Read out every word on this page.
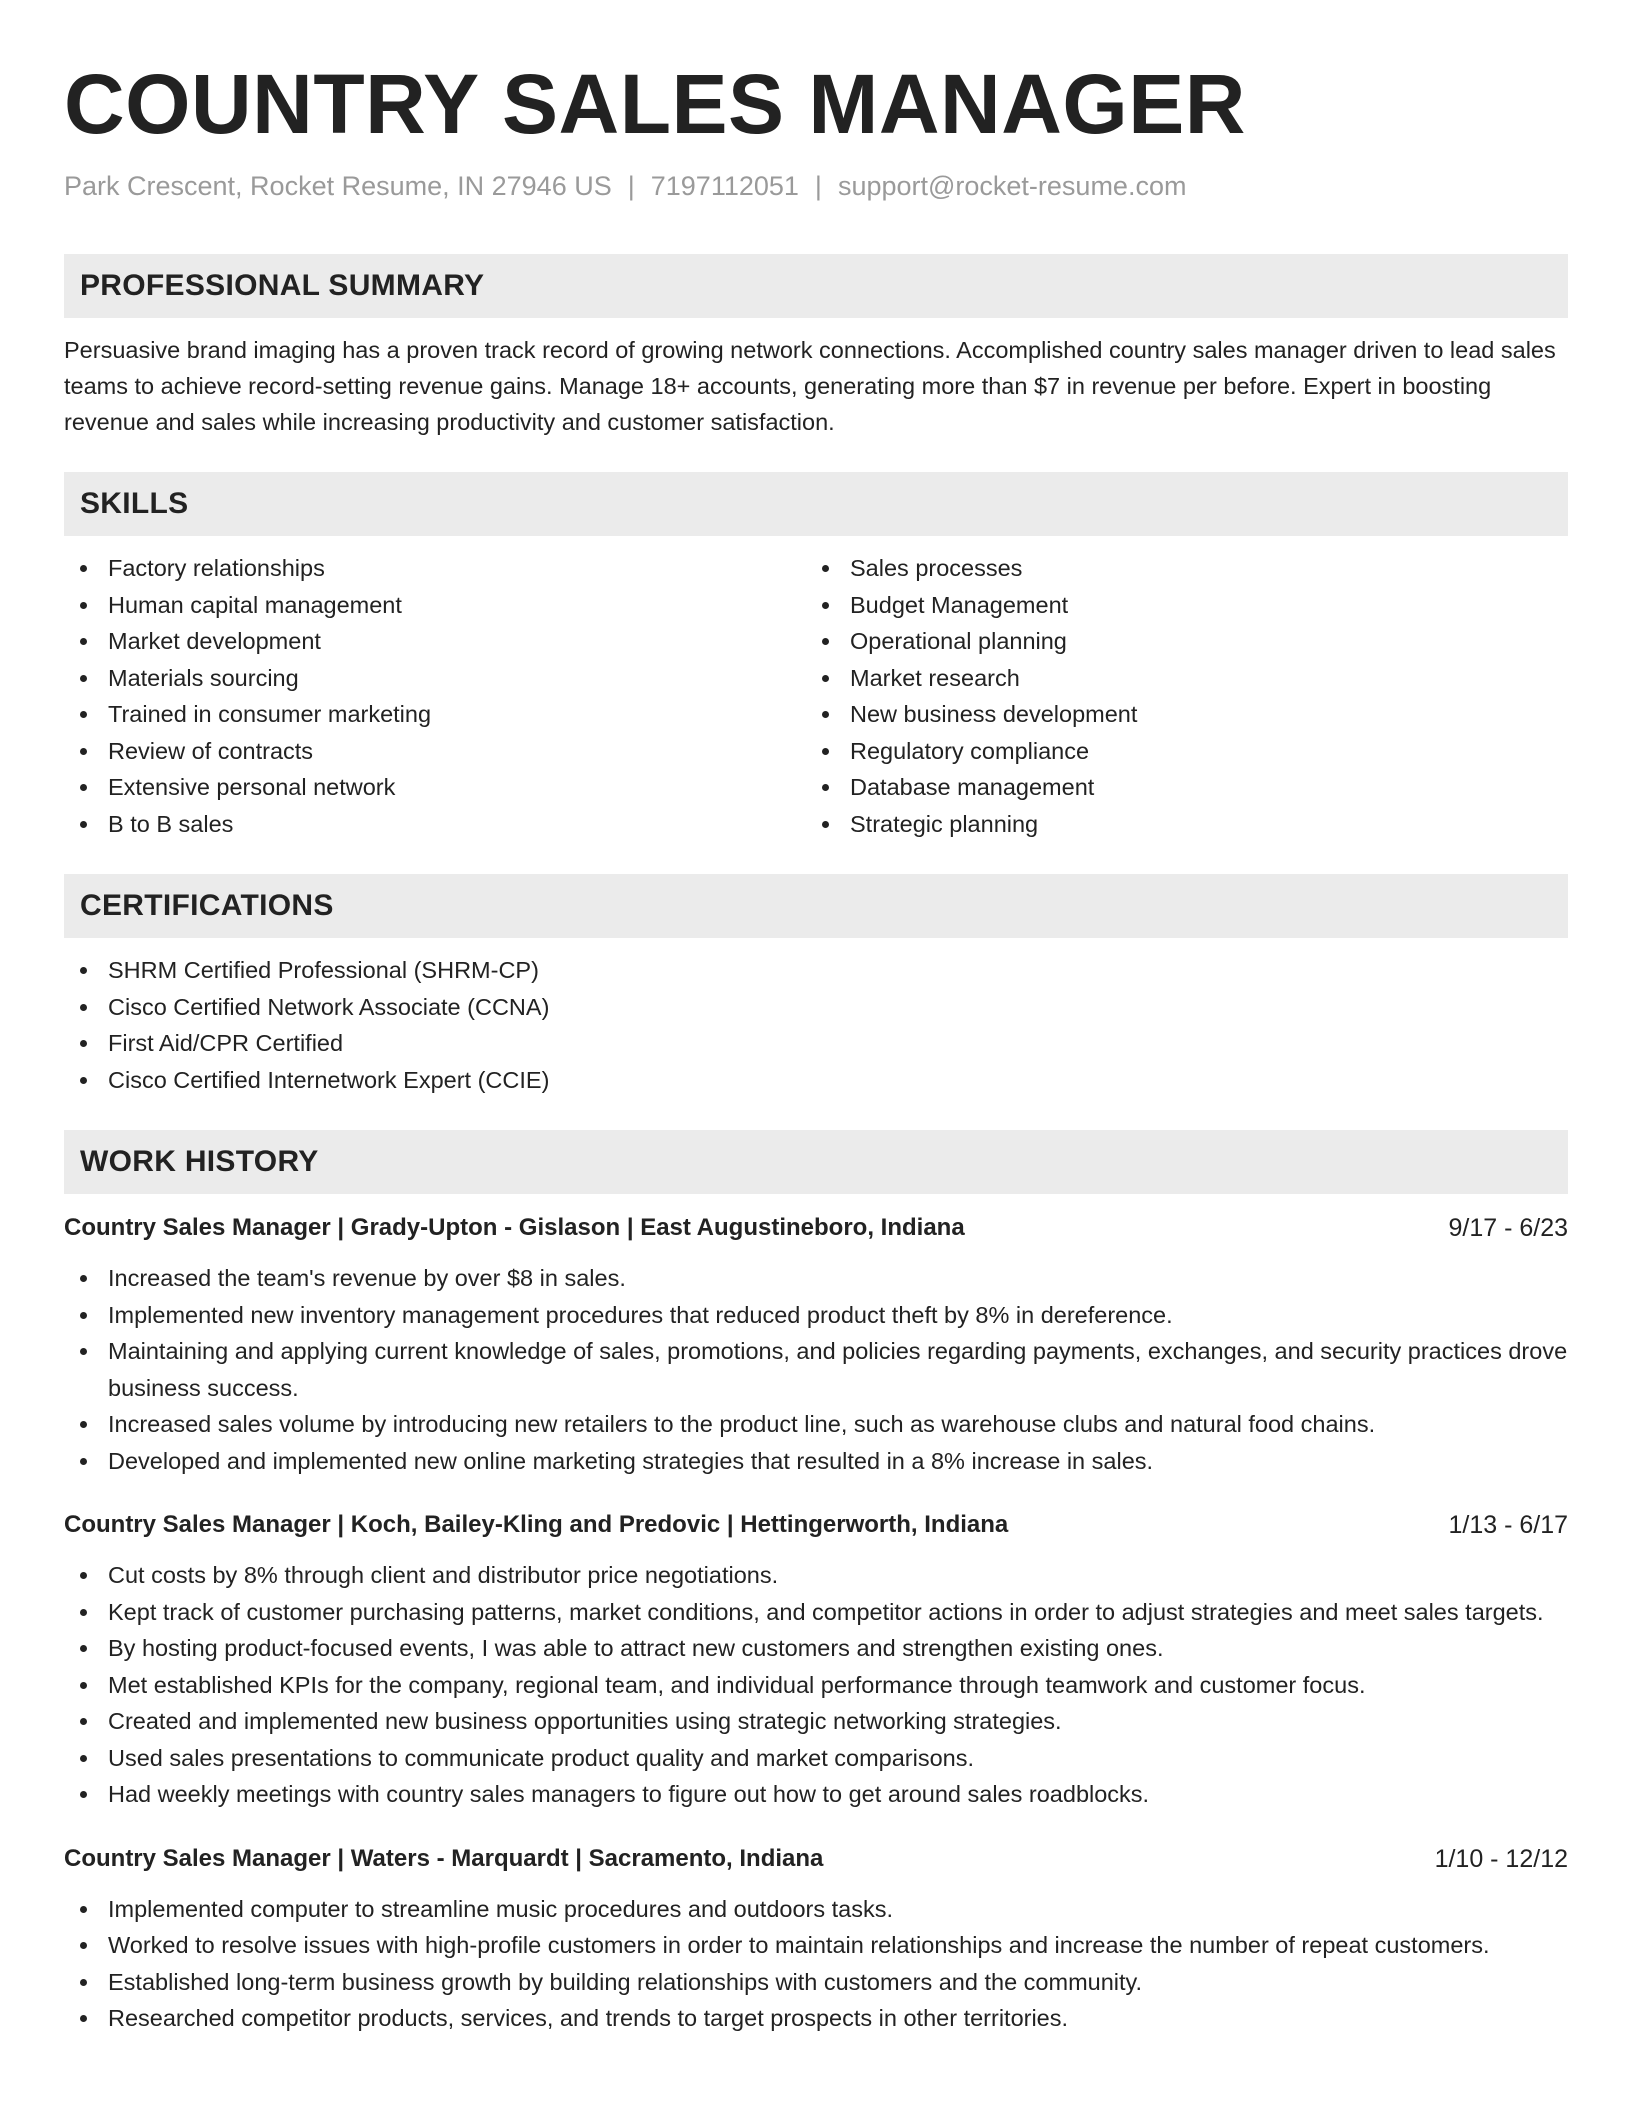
COUNTRY SALES MANAGER
Park Crescent, Rocket Resume, IN 27946 US | 7197112051 | support@rocket-resume.com
PROFESSIONAL SUMMARY
Persuasive brand imaging has a proven track record of growing network connections. Accomplished country sales manager driven to lead sales teams to achieve record-setting revenue gains. Manage 18+ accounts, generating more than $7 in revenue per before. Expert in boosting revenue and sales while increasing productivity and customer satisfaction.
SKILLS
Factory relationships
Human capital management
Market development
Materials sourcing
Trained in consumer marketing
Review of contracts
Extensive personal network
B to B sales
Sales processes
Budget Management
Operational planning
Market research
New business development
Regulatory compliance
Database management
Strategic planning
CERTIFICATIONS
SHRM Certified Professional (SHRM-CP)
Cisco Certified Network Associate (CCNA)
First Aid/CPR Certified
Cisco Certified Internetwork Expert (CCIE)
WORK HISTORY
Country Sales Manager | Grady-Upton - Gislason | East Augustineboro, Indiana	9/17 - 6/23
Increased the team's revenue by over $8 in sales.
Implemented new inventory management procedures that reduced product theft by 8% in dereference.
Maintaining and applying current knowledge of sales, promotions, and policies regarding payments, exchanges, and security practices drove business success.
Increased sales volume by introducing new retailers to the product line, such as warehouse clubs and natural food chains.
Developed and implemented new online marketing strategies that resulted in a 8% increase in sales.
Country Sales Manager | Koch, Bailey-Kling and Predovic | Hettingerworth, Indiana	1/13 - 6/17
Cut costs by 8% through client and distributor price negotiations.
Kept track of customer purchasing patterns, market conditions, and competitor actions in order to adjust strategies and meet sales targets.
By hosting product-focused events, I was able to attract new customers and strengthen existing ones.
Met established KPIs for the company, regional team, and individual performance through teamwork and customer focus.
Created and implemented new business opportunities using strategic networking strategies.
Used sales presentations to communicate product quality and market comparisons.
Had weekly meetings with country sales managers to figure out how to get around sales roadblocks.
Country Sales Manager | Waters - Marquardt | Sacramento, Indiana	1/10 - 12/12
Implemented computer to streamline music procedures and outdoors tasks.
Worked to resolve issues with high-profile customers in order to maintain relationships and increase the number of repeat customers.
Established long-term business growth by building relationships with customers and the community.
Researched competitor products, services, and trends to target prospects in other territories.
